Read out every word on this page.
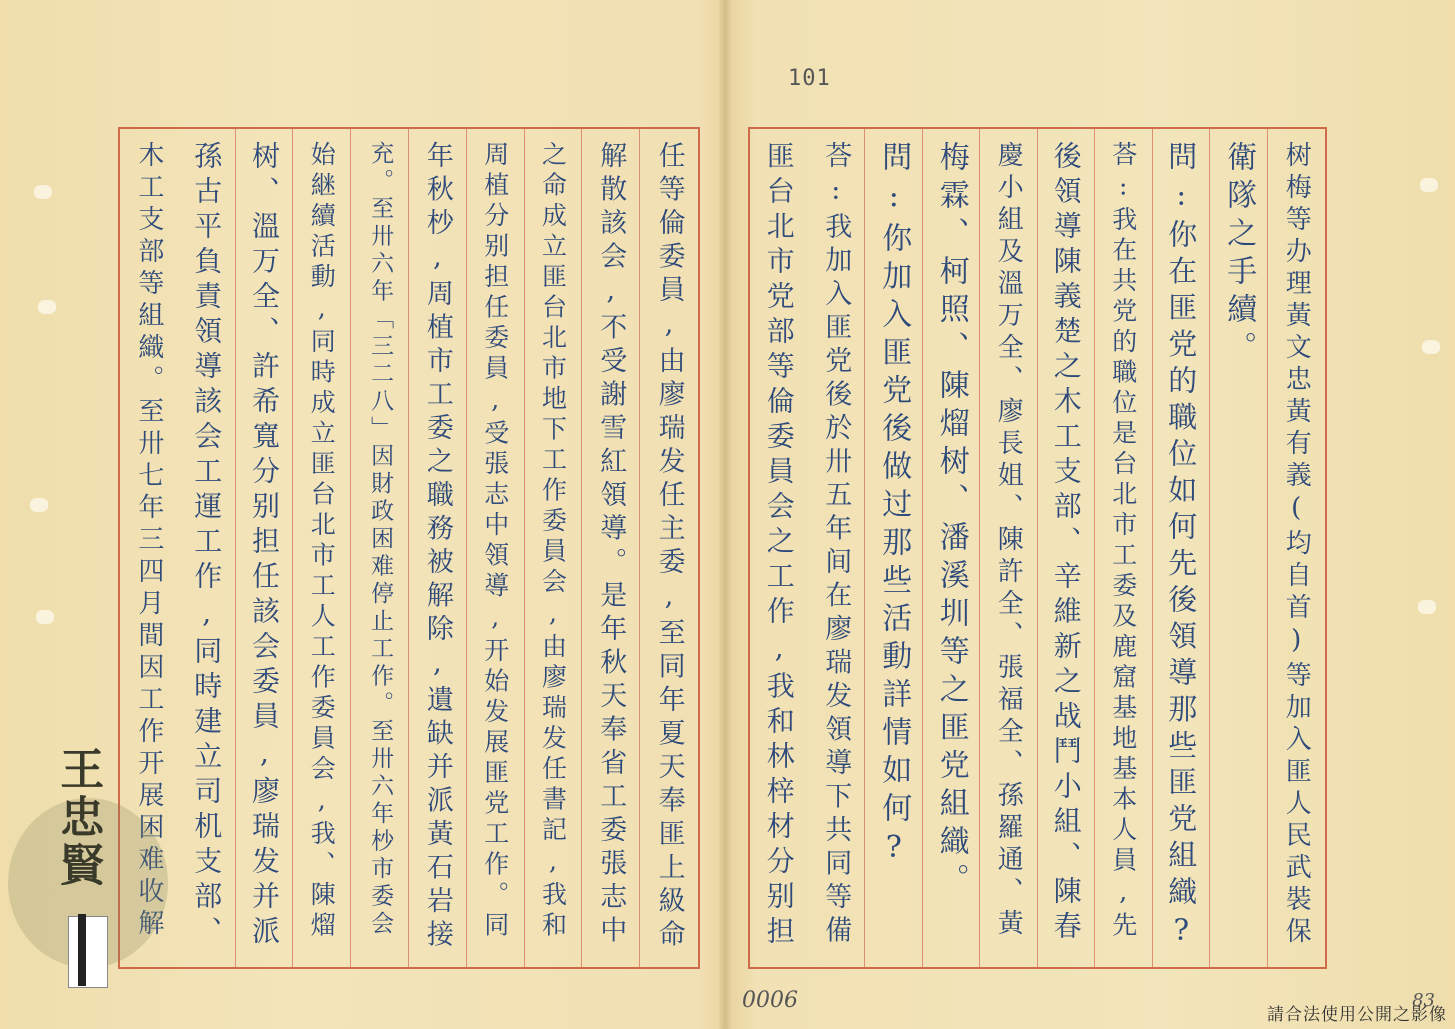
101
任等倫委員,由廖瑞发任主委,至同年夏天奉匪上級命
解散該会,不受謝雪紅領導。是年秋天奉省工委張志中
之命成立匪台北市地下工作委員会,由廖瑞发任書記,我和
周植分别担任委員,受張志中領導,开始发展匪党工作。同
年秋杪,周植市工委之職務被解除,遺缺并派黃石岩接
充。至卅六年「三二八」因財政困难停止工作。至卅六年杪市委会
始継續活動,同時成立匪台北市工人工作委員会,我、陳熘
树、溫万全、許希寬分别担任該会委員,廖瑞发并派
孫古平負責領導該会工運工作,同時建立司机支部、
木工支部等組織。至卅七年三四月間因工作开展困难收解	树梅等办理黃文忠黃有義(均自首)等加入匪人民武裝保
衛隊之手續。
問:你在匪党的職位如何先後領導那些匪党組織?
荅:我在共党的職位是台北市工委及鹿窟基地基本人員,先
後領導陳義楚之木工支部、辛維新之战鬥小組、陳春
慶小組及溫万全、廖長姐、陳許全、張福全、孫羅通、黃
梅霖、柯照、陳熘树、潘溪圳等之匪党組織。
問:你加入匪党後做过那些活動詳情如何?
荅:我加入匪党後於卅五年间在廖瑞发領導下共同等備
匪台北市党部等倫委員会之工作,我和林梓材分别担
王忠賢
0006	83
請合法使用公開之影像
